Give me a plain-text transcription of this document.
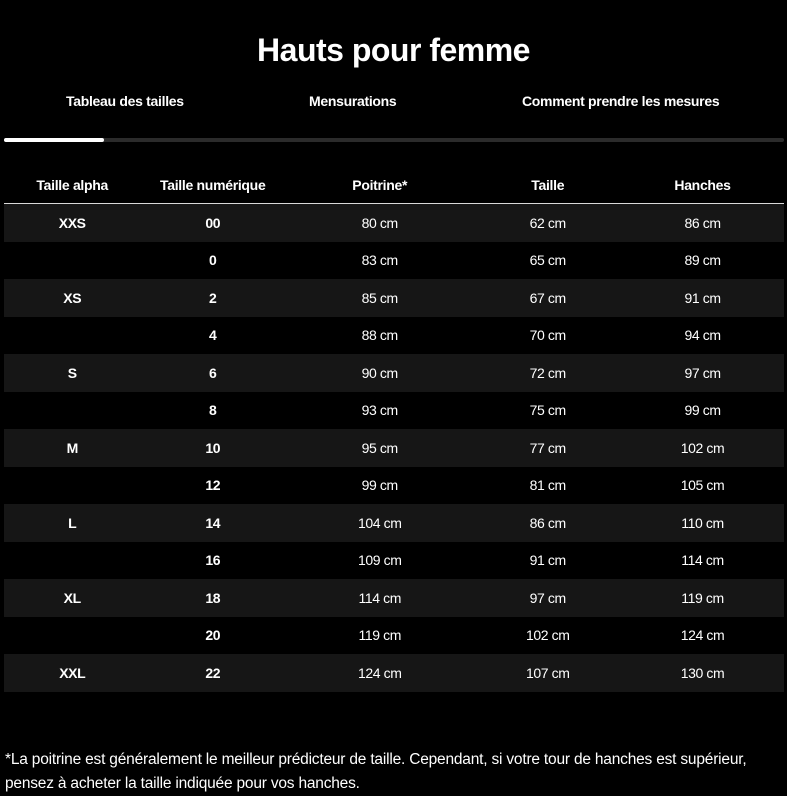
Hauts pour femme
Tableau des tailles	Mensurations	Comment prendre les mesures
Taille alpha	Taille numérique	Poitrine*	Taille	Hanches
XXS	00	80 cm	62 cm	86 cm
	0	83 cm	65 cm	89 cm
XS	2	85 cm	67 cm	91 cm
	4	88 cm	70 cm	94 cm
S	6	90 cm	72 cm	97 cm
	8	93 cm	75 cm	99 cm
M	10	95 cm	77 cm	102 cm
	12	99 cm	81 cm	105 cm
L	14	104 cm	86 cm	110 cm
	16	109 cm	91 cm	114 cm
XL	18	114 cm	97 cm	119 cm
	20	119 cm	102 cm	124 cm
XXL	22	124 cm	107 cm	130 cm

*La poitrine est généralement le meilleur prédicteur de taille. Cependant, si votre tour de hanches est supérieur, pensez à acheter la taille indiquée pour vos hanches.
